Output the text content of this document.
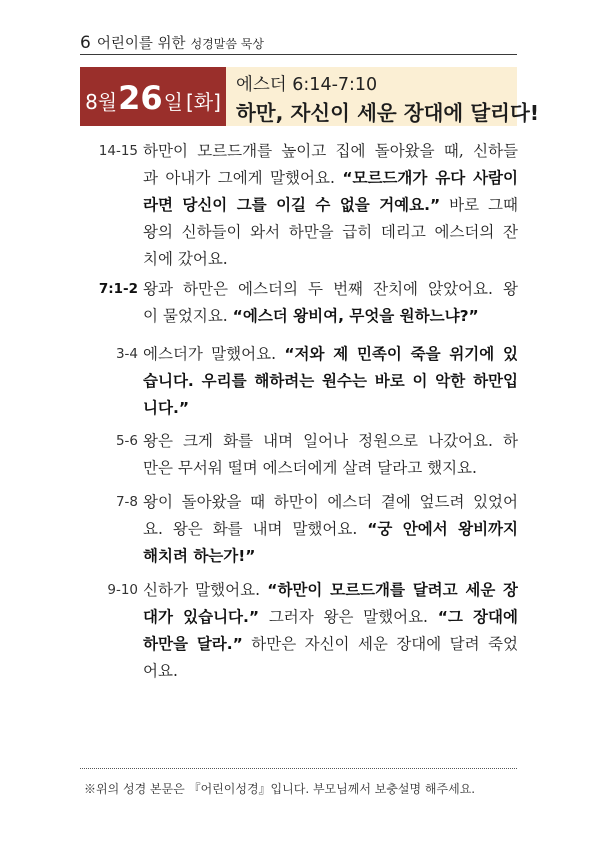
6 어린이를 위한 성경말씀 묵상
8월 26 일 [화]
에스더 6:14-7:10
하만, 자신이 세운 장대에 달리다!
14-15 하만이 모르드개를 높이고 집에 돌아왔을 때, 신하들
과 아내가 그에게 말했어요. “모르드개가 유다 사람이
라면 당신이 그를 이길 수 없을 거예요.” 바로 그때
왕의 신하들이 와서 하만을 급히 데리고 에스더의 잔
치에 갔어요.
7:1-2 왕과 하만은 에스더의 두 번째 잔치에 앉았어요. 왕
이 물었지요. “에스더 왕비여, 무엇을 원하느냐?”
3-4 에스더가 말했어요. “저와 제 민족이 죽을 위기에 있
습니다. 우리를 해하려는 원수는 바로 이 악한 하만입
니다.”
5-6 왕은 크게 화를 내며 일어나 정원으로 나갔어요. 하
만은 무서워 떨며 에스더에게 살려 달라고 했지요.
7-8 왕이 돌아왔을 때 하만이 에스더 곁에 엎드려 있었어
요. 왕은 화를 내며 말했어요. “궁 안에서 왕비까지
해치려 하는가!”
9-10 신하가 말했어요. “하만이 모르드개를 달려고 세운 장
대가 있습니다.” 그러자 왕은 말했어요. “그 장대에
하만을 달라.” 하만은 자신이 세운 장대에 달려 죽었
어요.
※위의 성경 본문은 『어린이성경』입니다. 부모님께서 보충설명 해주세요.
